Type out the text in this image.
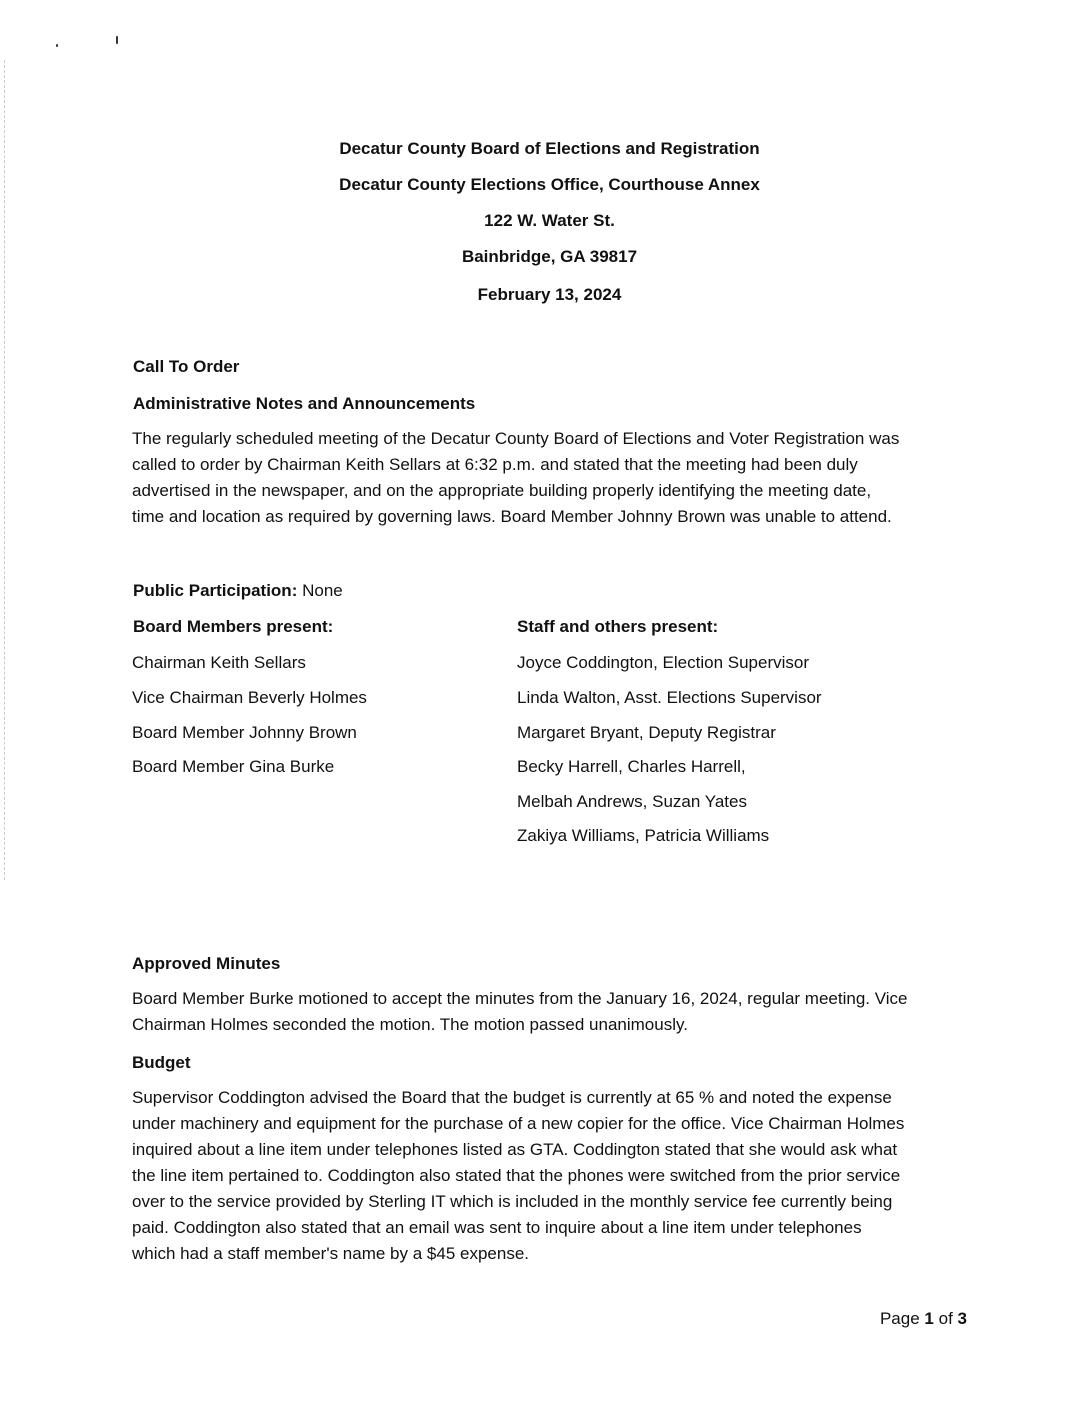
Decatur County Board of Elections and Registration
Decatur County Elections Office, Courthouse Annex
122 W. Water St.
Bainbridge, GA 39817
February 13, 2024
Call To Order
Administrative Notes and Announcements
The regularly scheduled meeting of the Decatur County Board of Elections and Voter Registration was
called to order by Chairman Keith Sellars at 6:32 p.m. and stated that the meeting had been duly
advertised in the newspaper, and on the appropriate building properly identifying the meeting date,
time and location as required by governing laws. Board Member Johnny Brown was unable to attend.
Public Participation: None
Board Members present:
Chairman Keith Sellars
Vice Chairman Beverly Holmes
Board Member Johnny Brown
Board Member Gina Burke
Staff and others present:
Joyce Coddington, Election Supervisor
Linda Walton, Asst. Elections Supervisor
Margaret Bryant, Deputy Registrar
Becky Harrell, Charles Harrell,
Melbah Andrews, Suzan Yates
Zakiya Williams, Patricia Williams
Approved Minutes
Board Member Burke motioned to accept the minutes from the January 16, 2024, regular meeting. Vice
Chairman Holmes seconded the motion. The motion passed unanimously.
Budget
Supervisor Coddington advised the Board that the budget is currently at 65 % and noted the expense
under machinery and equipment for the purchase of a new copier for the office. Vice Chairman Holmes
inquired about a line item under telephones listed as GTA. Coddington stated that she would ask what
the line item pertained to. Coddington also stated that the phones were switched from the prior service
over to the service provided by Sterling IT which is included in the monthly service fee currently being
paid. Coddington also stated that an email was sent to inquire about a line item under telephones
which had a staff member's name by a $45 expense.
Page 1 of 3
